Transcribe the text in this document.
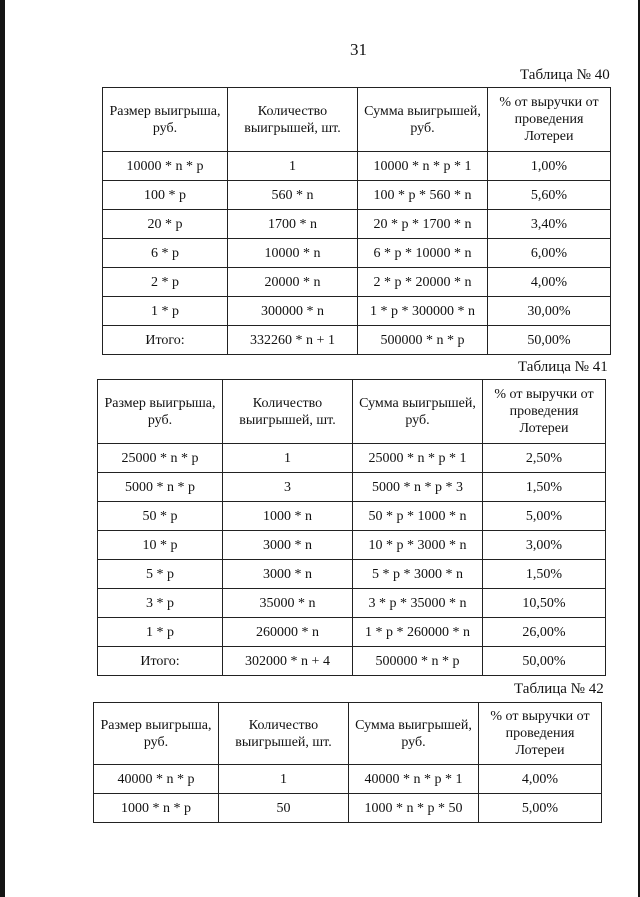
31
Таблица № 40
Размер выигрыша, руб.	Количество выигрышей, шт.	Сумма выигрышей, руб.	% от выручки от проведения Лотереи
10000 * n * p	1	10000 * n * p * 1	1,00%
100 * p	560 * n	100 * p * 560 * n	5,60%
20 * p	1700 * n	20 * p * 1700 * n	3,40%
6 * p	10000 * n	6 * p * 10000 * n	6,00%
2 * p	20000 * n	2 * p * 20000 * n	4,00%
1 * p	300000 * n	1 * p * 300000 * n	30,00%
Итого:	332260 * n + 1	500000 * n * p	50,00%
Таблица № 41
Размер выигрыша, руб.	Количество выигрышей, шт.	Сумма выигрышей, руб.	% от выручки от проведения Лотереи
25000 * n * p	1	25000 * n * p * 1	2,50%
5000 * n * p	3	5000 * n * p * 3	1,50%
50 * p	1000 * n	50 * p * 1000 * n	5,00%
10 * p	3000 * n	10 * p * 3000 * n	3,00%
5 * p	3000 * n	5 * p * 3000 * n	1,50%
3 * p	35000 * n	3 * p * 35000 * n	10,50%
1 * p	260000 * n	1 * p * 260000 * n	26,00%
Итого:	302000 * n + 4	500000 * n * p	50,00%
Таблица № 42
Размер выигрыша, руб.	Количество выигрышей, шт.	Сумма выигрышей, руб.	% от выручки от проведения Лотереи
40000 * n * p	1	40000 * n * p * 1	4,00%
1000 * n * p	50	1000 * n * p * 50	5,00%
